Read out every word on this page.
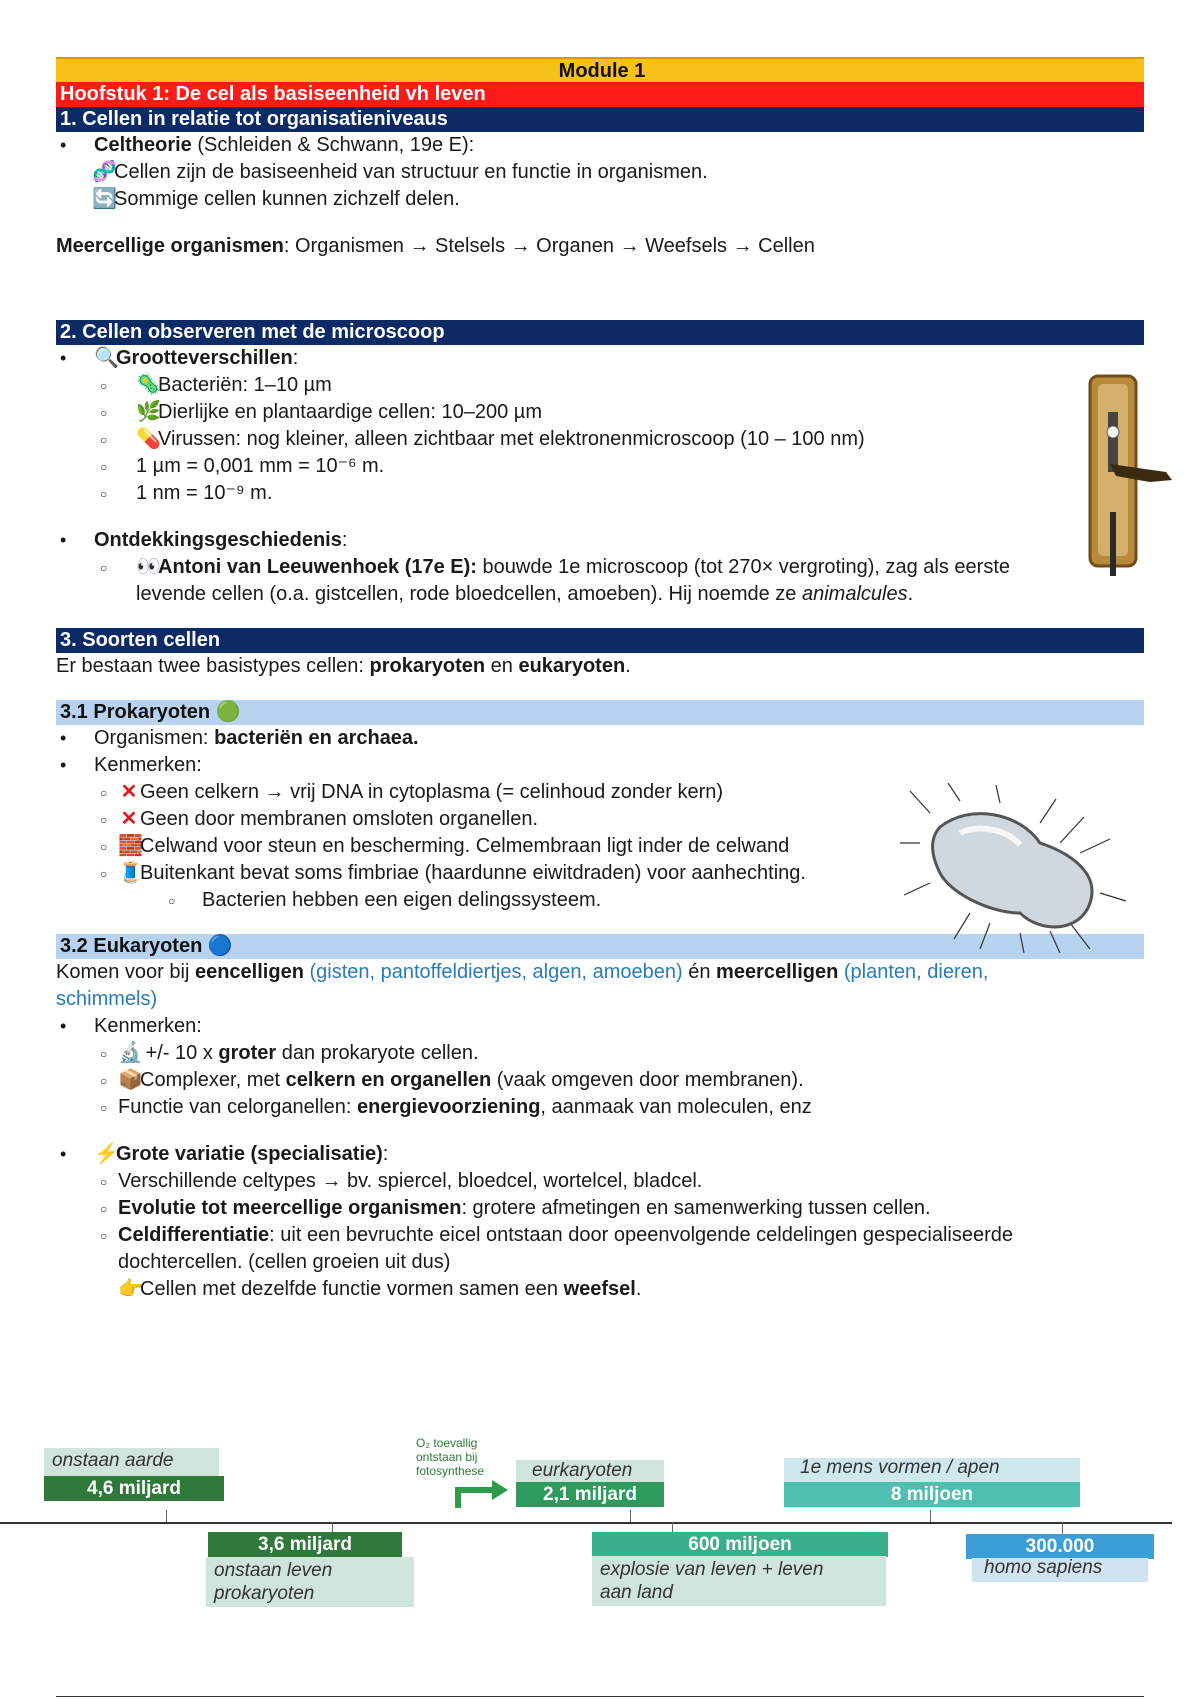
Module 1
Hoofstuk 1: De cel als basiseenheid vh leven
1. Cellen in relatie tot organisatieniveaus
• Celtheorie (Schleiden & Schwann, 19e E):
🧬Cellen zijn de basiseenheid van structuur en functie in organismen.
🔄Sommige cellen kunnen zichzelf delen.
Meercellige organismen: Organismen → Stelsels → Organen → Weefsels → Cellen
2. Cellen observeren met de microscoop
• 🔍Grootteverschillen:
○ 🦠Bacteriën: 1–10 µm
○ 🌿Dierlijke en plantaardige cellen: 10–200 µm
○ 💊Virussen: nog kleiner, alleen zichtbaar met elektronenmicroscoop (10 – 100 nm)
○ 1 µm = 0,001 mm = 10⁻⁶ m.
○ 1 nm = 10⁻⁹ m.
• Ontdekkingsgeschiedenis:
○ 👀Antoni van Leeuwenhoek (17e E): bouwde 1e microscoop (tot 270× vergroting), zag als eerste
levende cellen (o.a. gistcellen, rode bloedcellen, amoeben). Hij noemde ze animalcules.
3. Soorten cellen
Er bestaan twee basistypes cellen: prokaryoten en eukaryoten.
3.1 Prokaryoten 🟢
• Organismen: bacteriën en archaea.
• Kenmerken:
○ ✕ Geen celkern → vrij DNA in cytoplasma (= celinhoud zonder kern)
○ ✕ Geen door membranen omsloten organellen.
○ 🧱Celwand voor steun en bescherming. Celmembraan ligt inder de celwand
○ 🧵Buitenkant bevat soms fimbriae (haardunne eiwitdraden) voor aanhechting.
○ Bacterien hebben een eigen delingssysteem.
3.2 Eukaryoten 🔵
Komen voor bij eencelligen (gisten, pantoffeldiertjes, algen, amoeben) én meercelligen (planten, dieren,
schimmels)
• Kenmerken:
○ 🔬 +/- 10 x groter dan prokaryote cellen.
○ 📦Complexer, met celkern en organellen (vaak omgeven door membranen).
○ Functie van celorganellen: energievoorziening, aanmaak van moleculen, enz
• ⚡Grote variatie (specialisatie):
○ Verschillende celtypes → bv. spiercel, bloedcel, wortelcel, bladcel.
○ Evolutie tot meercellige organismen: grotere afmetingen en samenwerking tussen cellen.
○ Celdifferentiatie: uit een bevruchte eicel ontstaan door opeenvolgende celdelingen gespecialiseerde
dochtercellen. (cellen groeien uit dus)
👉Cellen met dezelfde functie vormen samen een weefsel.
onstaan aarde
4,6 miljard
3,6 miljard
onstaan leven
prokaryoten
O₂ toevallig
ontstaan bij
fotosynthese	eurkaryoten
2,1 miljard
600 miljoen
explosie van leven + leven
aan land
1e mens vormen / apen
8 miljoen
300.000
homo sapiens
